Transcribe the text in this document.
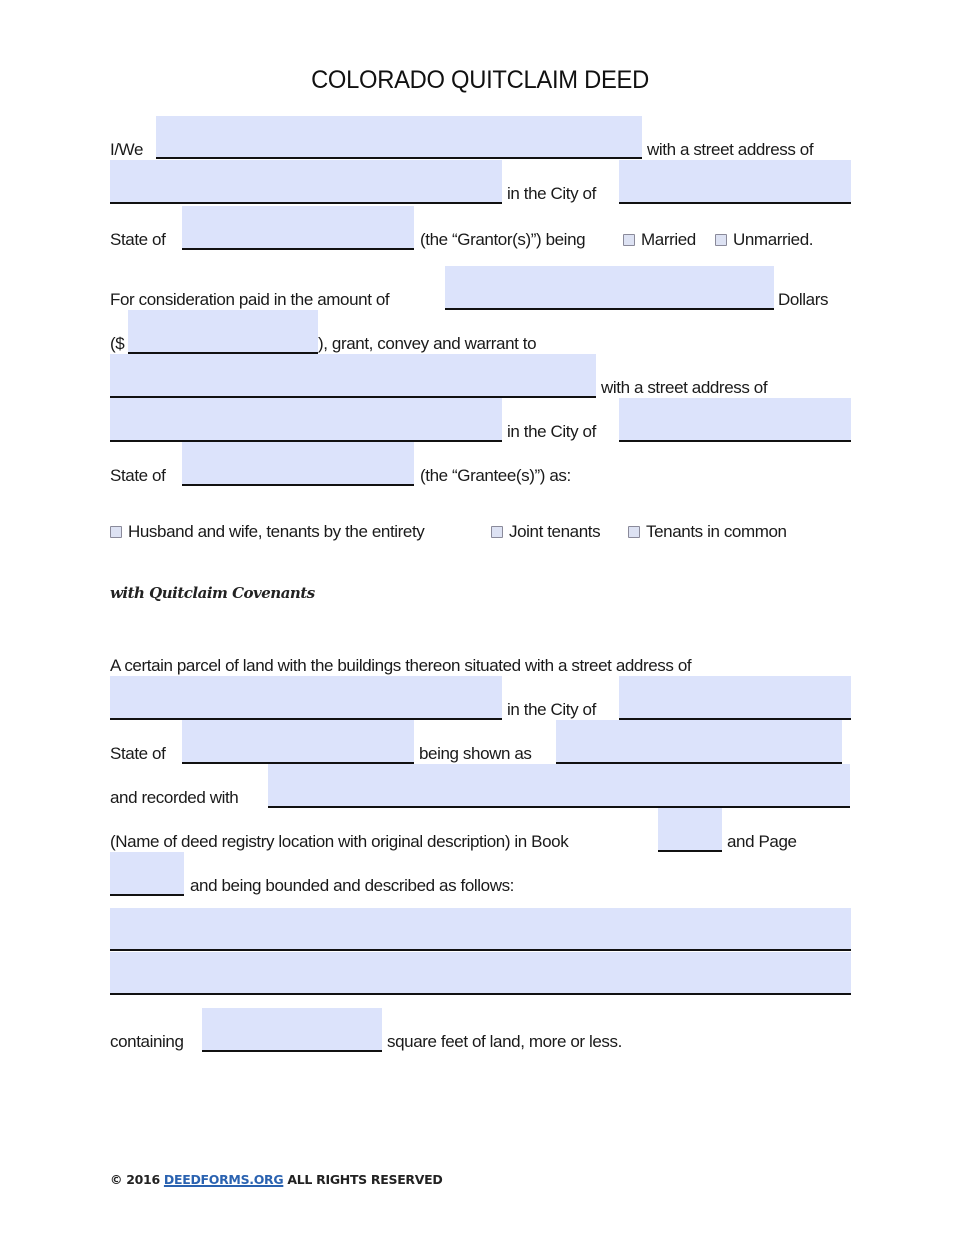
COLORADO QUITCLAIM DEED
I/We	with a street address of
in the City of
State of	(the “Grantor(s)”) being	Married	Unmarried.
For consideration paid in the amount of	Dollars
($	), grant, convey and warrant to
with a street address of
in the City of
State of	(the “Grantee(s)”) as:
Husband and wife, tenants by the entirety	Joint tenants	Tenants in common
with Quitclaim Covenants
A certain parcel of land with the buildings thereon situated with a street address of
in the City of
State of	being shown as
and recorded with
(Name of deed registry location with original description) in Book	and Page
and being bounded and described as follows:
containing	square feet of land, more or less.
© 2016 DEEDFORMS.ORG ALL RIGHTS RESERVED
